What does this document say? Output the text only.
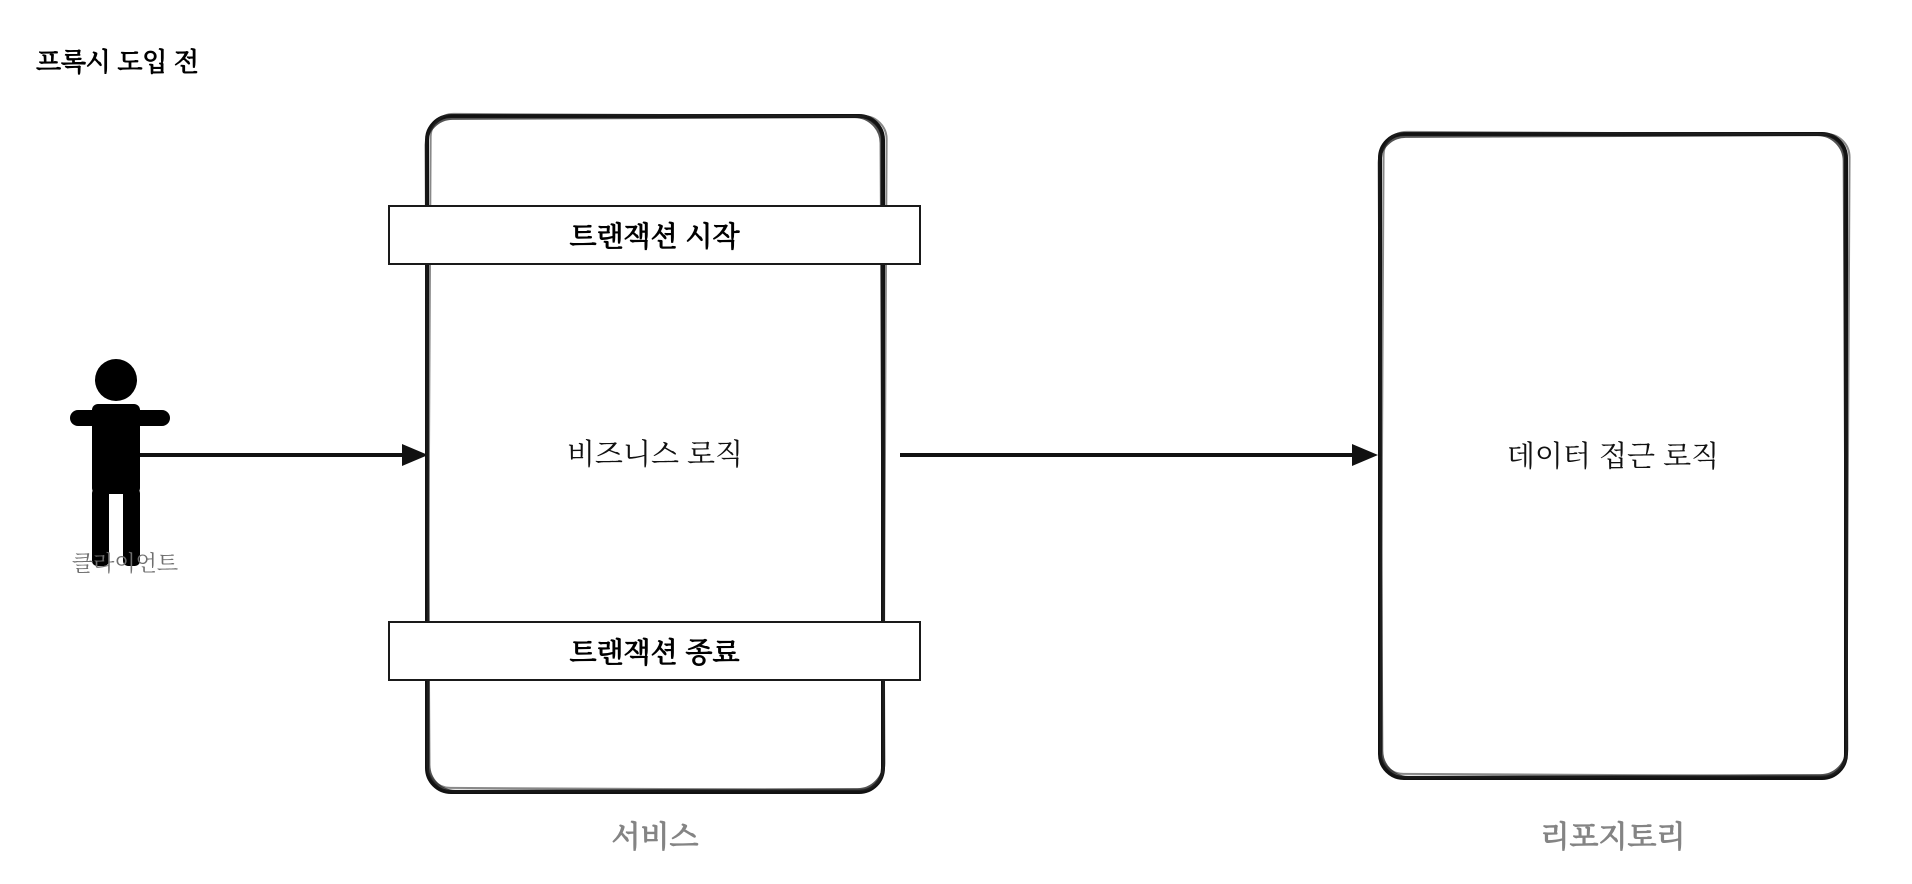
프록시 도입 전
비즈니스 로직
트랜잭션 시작
트랜잭션 종료
서비스
데이터 접근 로직
리포지토리
클라이언트
